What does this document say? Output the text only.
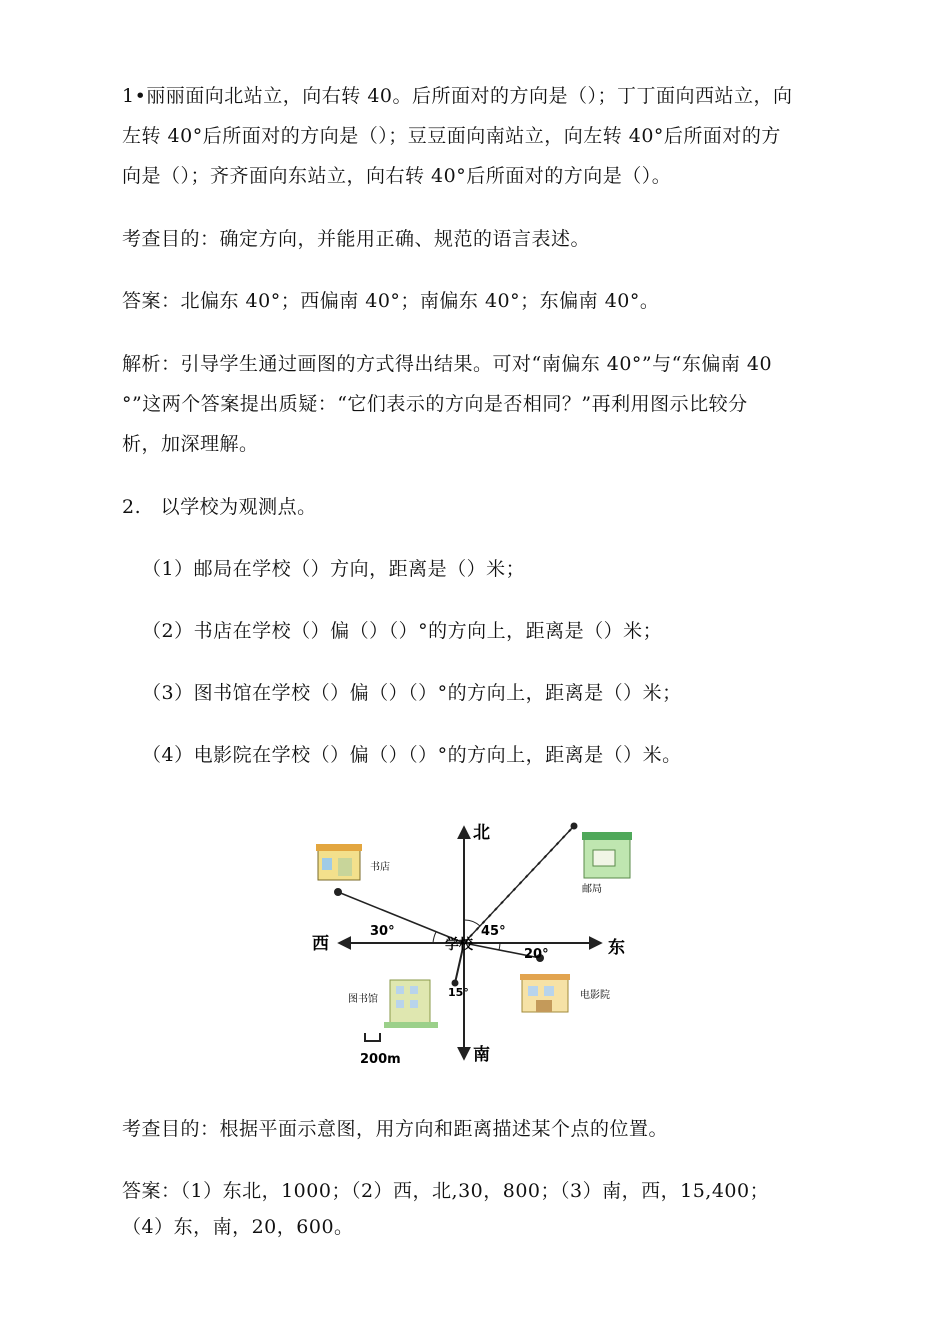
1•丽丽面向北站立，向右转 40。后所面对的方向是（）；丁丁面向西站立，向
左转 40°后所面对的方向是（）；豆豆面向南站立，向左转 40°后所面对的方
向是（）；齐齐面向东站立，向右转 40°后所面对的方向是（）。
考查目的：确定方向，并能用正确、规范的语言表述。
答案：北偏东 40°；西偏南 40°；南偏东 40°；东偏南 40°。
解析：引导学生通过画图的方式得出结果。可对“南偏东 40°”与“东偏南 40
°”这两个答案提出质疑：“它们表示的方向是否相同？”再利用图示比较分
析，加深理解。
2.　以学校为观测点。
（1）邮局在学校（）方向，距离是（）米；
（2）书店在学校（）偏（）（）°的方向上，距离是（）米；
（3）图书馆在学校（）偏（）（）°的方向上，距离是（）米；
（4）电影院在学校（）偏（）（）°的方向上，距离是（）米。
北
南
西	东
30°	45°
20°
15°
学校
书店
邮局
图书馆	电影院
200m
考查目的：根据平面示意图，用方向和距离描述某个点的位置。
答案：（1）东北，1000；（2）西，北,30，800；（3）南，西，15,400；
（4）东，南，20，600。
